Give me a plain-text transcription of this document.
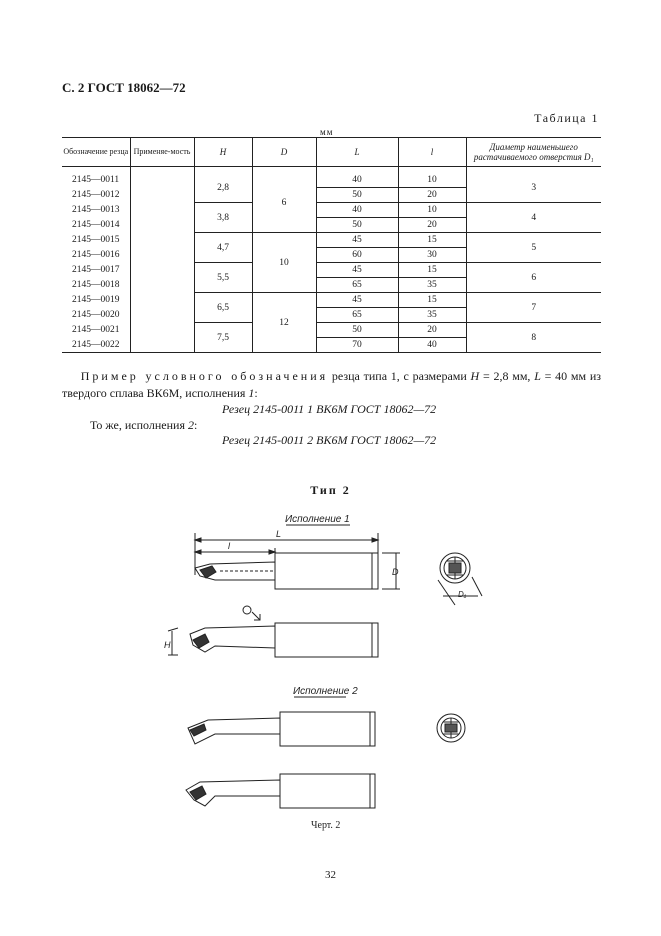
С. 2 ГОСТ 18062—72
Таблица 1
мм
Обозначение резца	Применяе-мость	H	D	L	l	Диаметр наименьшего растачиваемого отверстия D₁

2145—0011		2,8	6	40	10	3
2145—0012				50	20	
2145—0013		3,8		40	10	4
2145—0014				50	20	
2145—0015		4,7	10	45	15	5
2145—0016				60	30	
2145—0017		5,5		45	15	6
2145—0018				65	35	
2145—0019		6,5	12	45	15	7
2145—0020				65	35	
2145—0021		7,5		50	20	8
2145—0022				70	40	
Пример условного обозначения резца типа 1, с размерами H = 2,8 мм, L = 40 мм из твердого сплава ВК6М, исполнения 1:
Резец 2145-0011 1 ВК6М ГОСТ 18062—72
То же, исполнения 2:
Резец 2145-0011 2 ВК6М ГОСТ 18062—72
Тип 2
Исполнение 1
L
l
D
D₁
H
Исполнение 2
Черт. 2
32
